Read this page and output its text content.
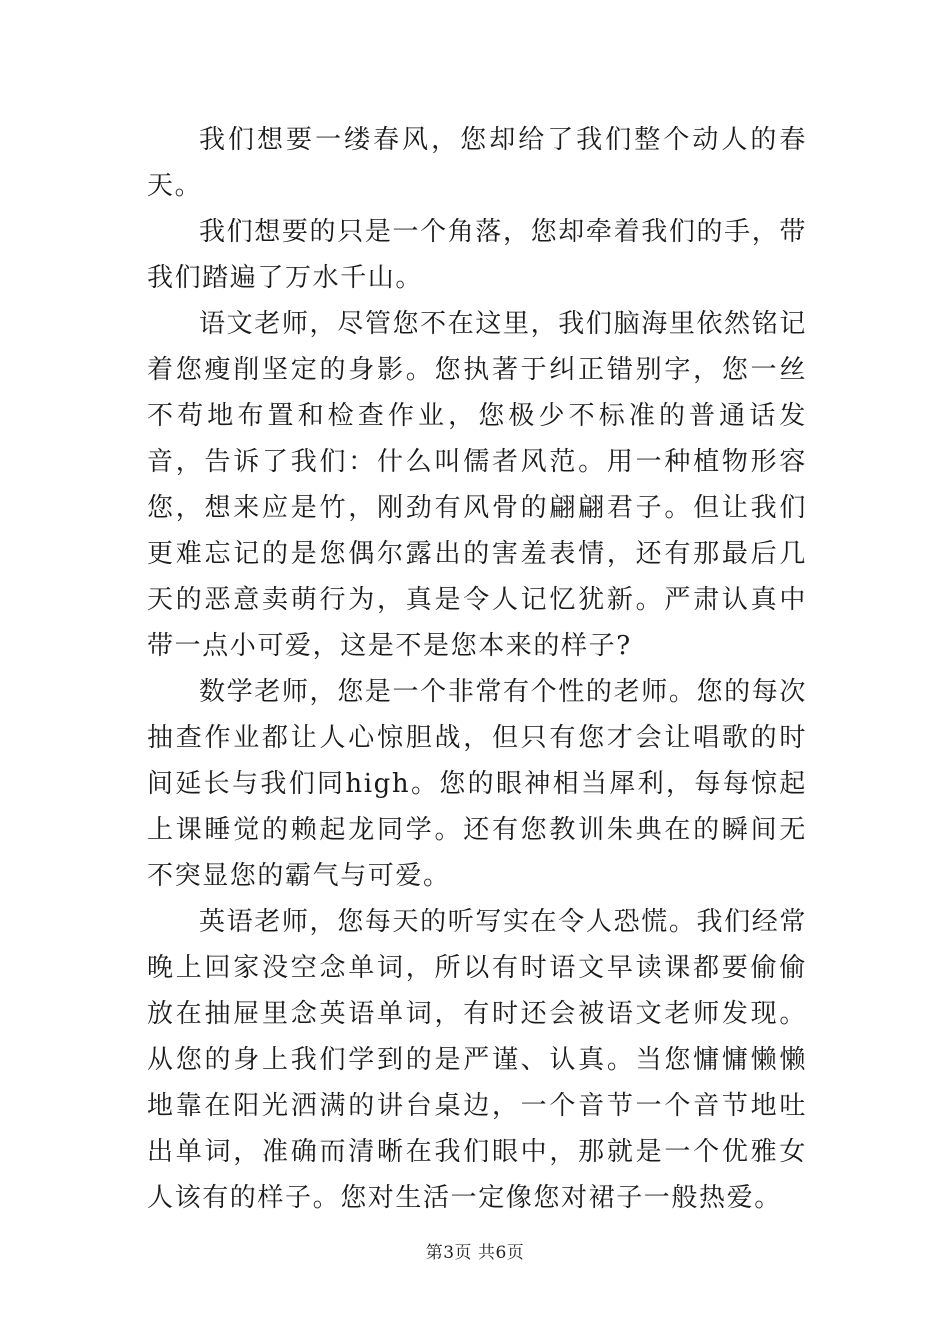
我们想要一缕春风，您却给了我们整个动人的春天。

我们想要的只是一个角落，您却牵着我们的手，带我们踏遍了万水千山。

语文老师，尽管您不在这里，我们脑海里依然铭记着您瘦削坚定的身影。您执著于纠正错别字，您一丝不苟地布置和检查作业，您极少不标准的普通话发音，告诉了我们：什么叫儒者风范。用一种植物形容您，想来应是竹，刚劲有风骨的翩翩君子。但让我们更难忘记的是您偶尔露出的害羞表情，还有那最后几天的恶意卖萌行为，真是令人记忆犹新。严肃认真中带一点小可爱，这是不是您本来的样子?

数学老师，您是一个非常有个性的老师。您的每次抽查作业都让人心惊胆战，但只有您才会让唱歌的时间延长与我们同high。您的眼神相当犀利，每每惊起上课睡觉的赖起龙同学。还有您教训朱典在的瞬间无不突显您的霸气与可爱。

英语老师，您每天的听写实在令人恐慌。我们经常晚上回家没空念单词，所以有时语文早读课都要偷偷放在抽屉里念英语单词，有时还会被语文老师发现。从您的身上我们学到的是严谨、认真。当您慵慵懒懒地靠在阳光洒满的讲台桌边，一个音节一个音节地吐出单词，准确而清晰在我们眼中，那就是一个优雅女人该有的样子。您对生活一定像您对裙子一般热爱。

第3页 共6页
